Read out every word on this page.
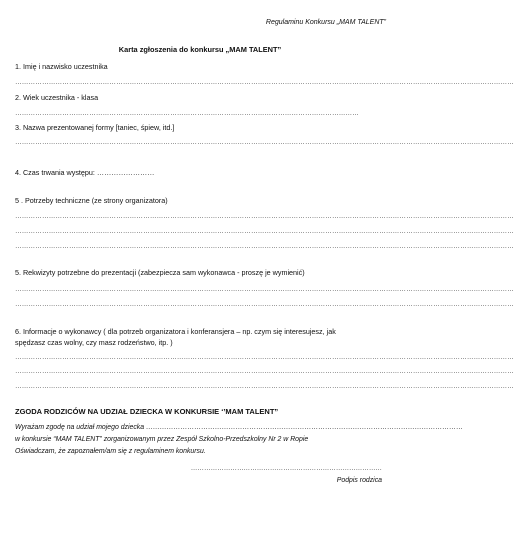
Regulaminu Konkursu „MAM TALENT”
Karta zgłoszenia do konkursu „MAM TALENT”
1. Imię i nazwisko uczestnika
……………………………………………………………………………………………………………………………………………………………………………………………………
2. Wiek uczestnika - klasa
………………………………………………………………………………………………………………………………………
3. Nazwa prezentowanej formy [taniec, śpiew, itd.]
……………………………………………………………………………………………………………………………………………………………………………………………………
4. Czas trwania występu: ……………………
5 . Potrzeby techniczne (ze strony organizatora)
……………………………………………………………………………………………………………………………………………………………………………………………………
……………………………………………………………………………………………………………………………………………………………………………………………………
……………………………………………………………………………………………………………………………………………………………………………………………………
5. Rekwizyty potrzebne do prezentacji (zabezpiecza sam wykonawca - proszę je wymienić)
……………………………………………………………………………………………………………………………………………………………………………………………………
……………………………………………………………………………………………………………………………………………………………………………………………………
6. Informacje o wykonawcy ( dla potrzeb organizatora i konferansjera – np. czym się interesujesz, jak
spędzasz czas wolny, czy masz rodzeństwo, itp. )
……………………………………………………………………………………………………………………………………………………………………………………………………
……………………………………………………………………………………………………………………………………………………………………………………………………
……………………………………………………………………………………………………………………………………………………………………………………………………
ZGODA RODZICÓW NA UDZIAŁ DZIECKA W KONKURSIE ‘’MAM TALENT”
Wyrażam zgodę na udział mojego dziecka …………………………………………………………………………………………………………………………
w konkursie “MAM TALENT” zorganizowanym przez Zespół Szkolno-Przedszkolny Nr 2 w Ropie
Oświadczam, że zapoznałem/am się z regulaminem konkursu.
……………………………………………………………………………
Podpis rodzica
